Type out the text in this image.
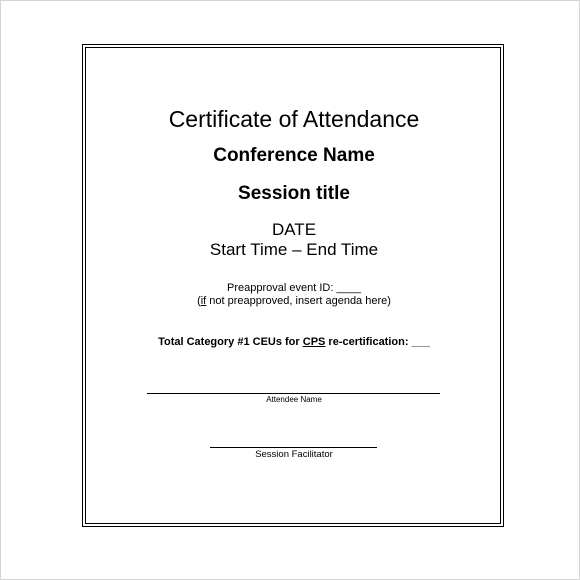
Certificate of Attendance
Conference Name
Session title
DATE
Start Time – End Time
Preapproval event ID: ____
(if not preapproved, insert agenda here)
Total Category #1 CEUs for CPS re-certification: ___
Attendee Name
Session Facilitator
